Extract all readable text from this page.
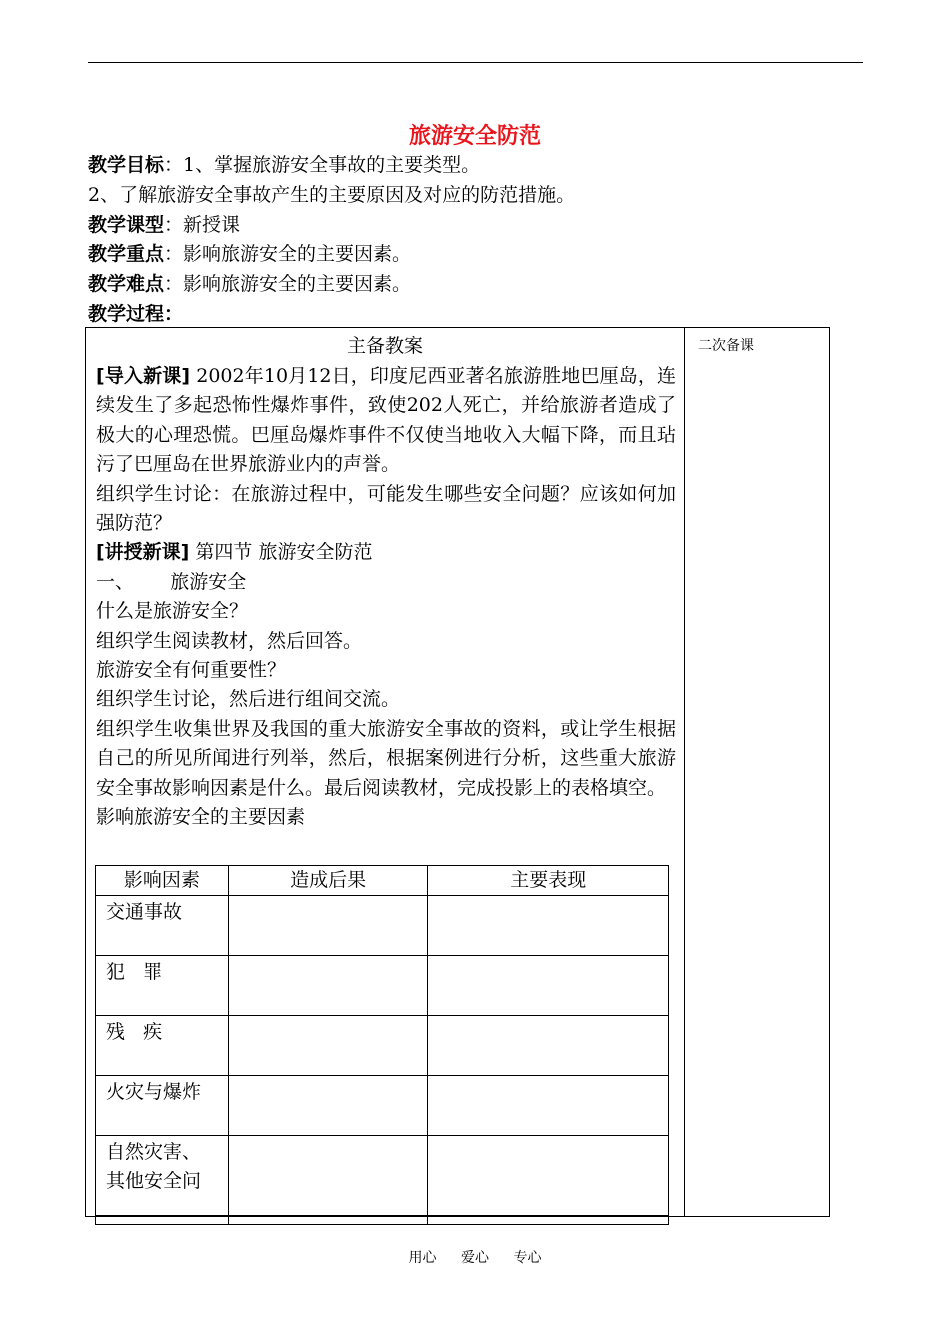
旅游安全防范
教学目标：1、掌握旅游安全事故的主要类型。
2、了解旅游安全事故产生的主要原因及对应的防范措施。
教学课型：新授课
教学重点：影响旅游安全的主要因素。
教学难点：影响旅游安全的主要因素。
教学过程：
主备教案	二次备课

[导入新课] 2002年10月12日，印度尼西亚著名旅游胜地巴厘岛，连续发生了多起恐怖性爆炸事件，致使202人死亡，并给旅游者造成了极大的心理恐慌。巴厘岛爆炸事件不仅使当地收入大幅下降，而且玷污了巴厘岛在世界旅游业内的声誉。

组织学生讨论：在旅游过程中，可能发生哪些安全问题？应该如何加强防范？

[讲授新课] 第四节 旅游安全防范

一、      旅游安全

什么是旅游安全？

组织学生阅读教材，然后回答。

旅游安全有何重要性？

组织学生讨论，然后进行组间交流。

组织学生收集世界及我国的重大旅游安全事故的资料，或让学生根据自己的所见所闻进行列举，然后，根据案例进行分析，这些重大旅游安全事故影响因素是什么。最后阅读教材，完成投影上的表格填空。

影响旅游安全的主要因素

影响因素	造成后果	主要表现
交通事故		
犯   罪		
残   疾		
火灾与爆炸		
自然灾害、其他安全问		
用心 爱心 专心
